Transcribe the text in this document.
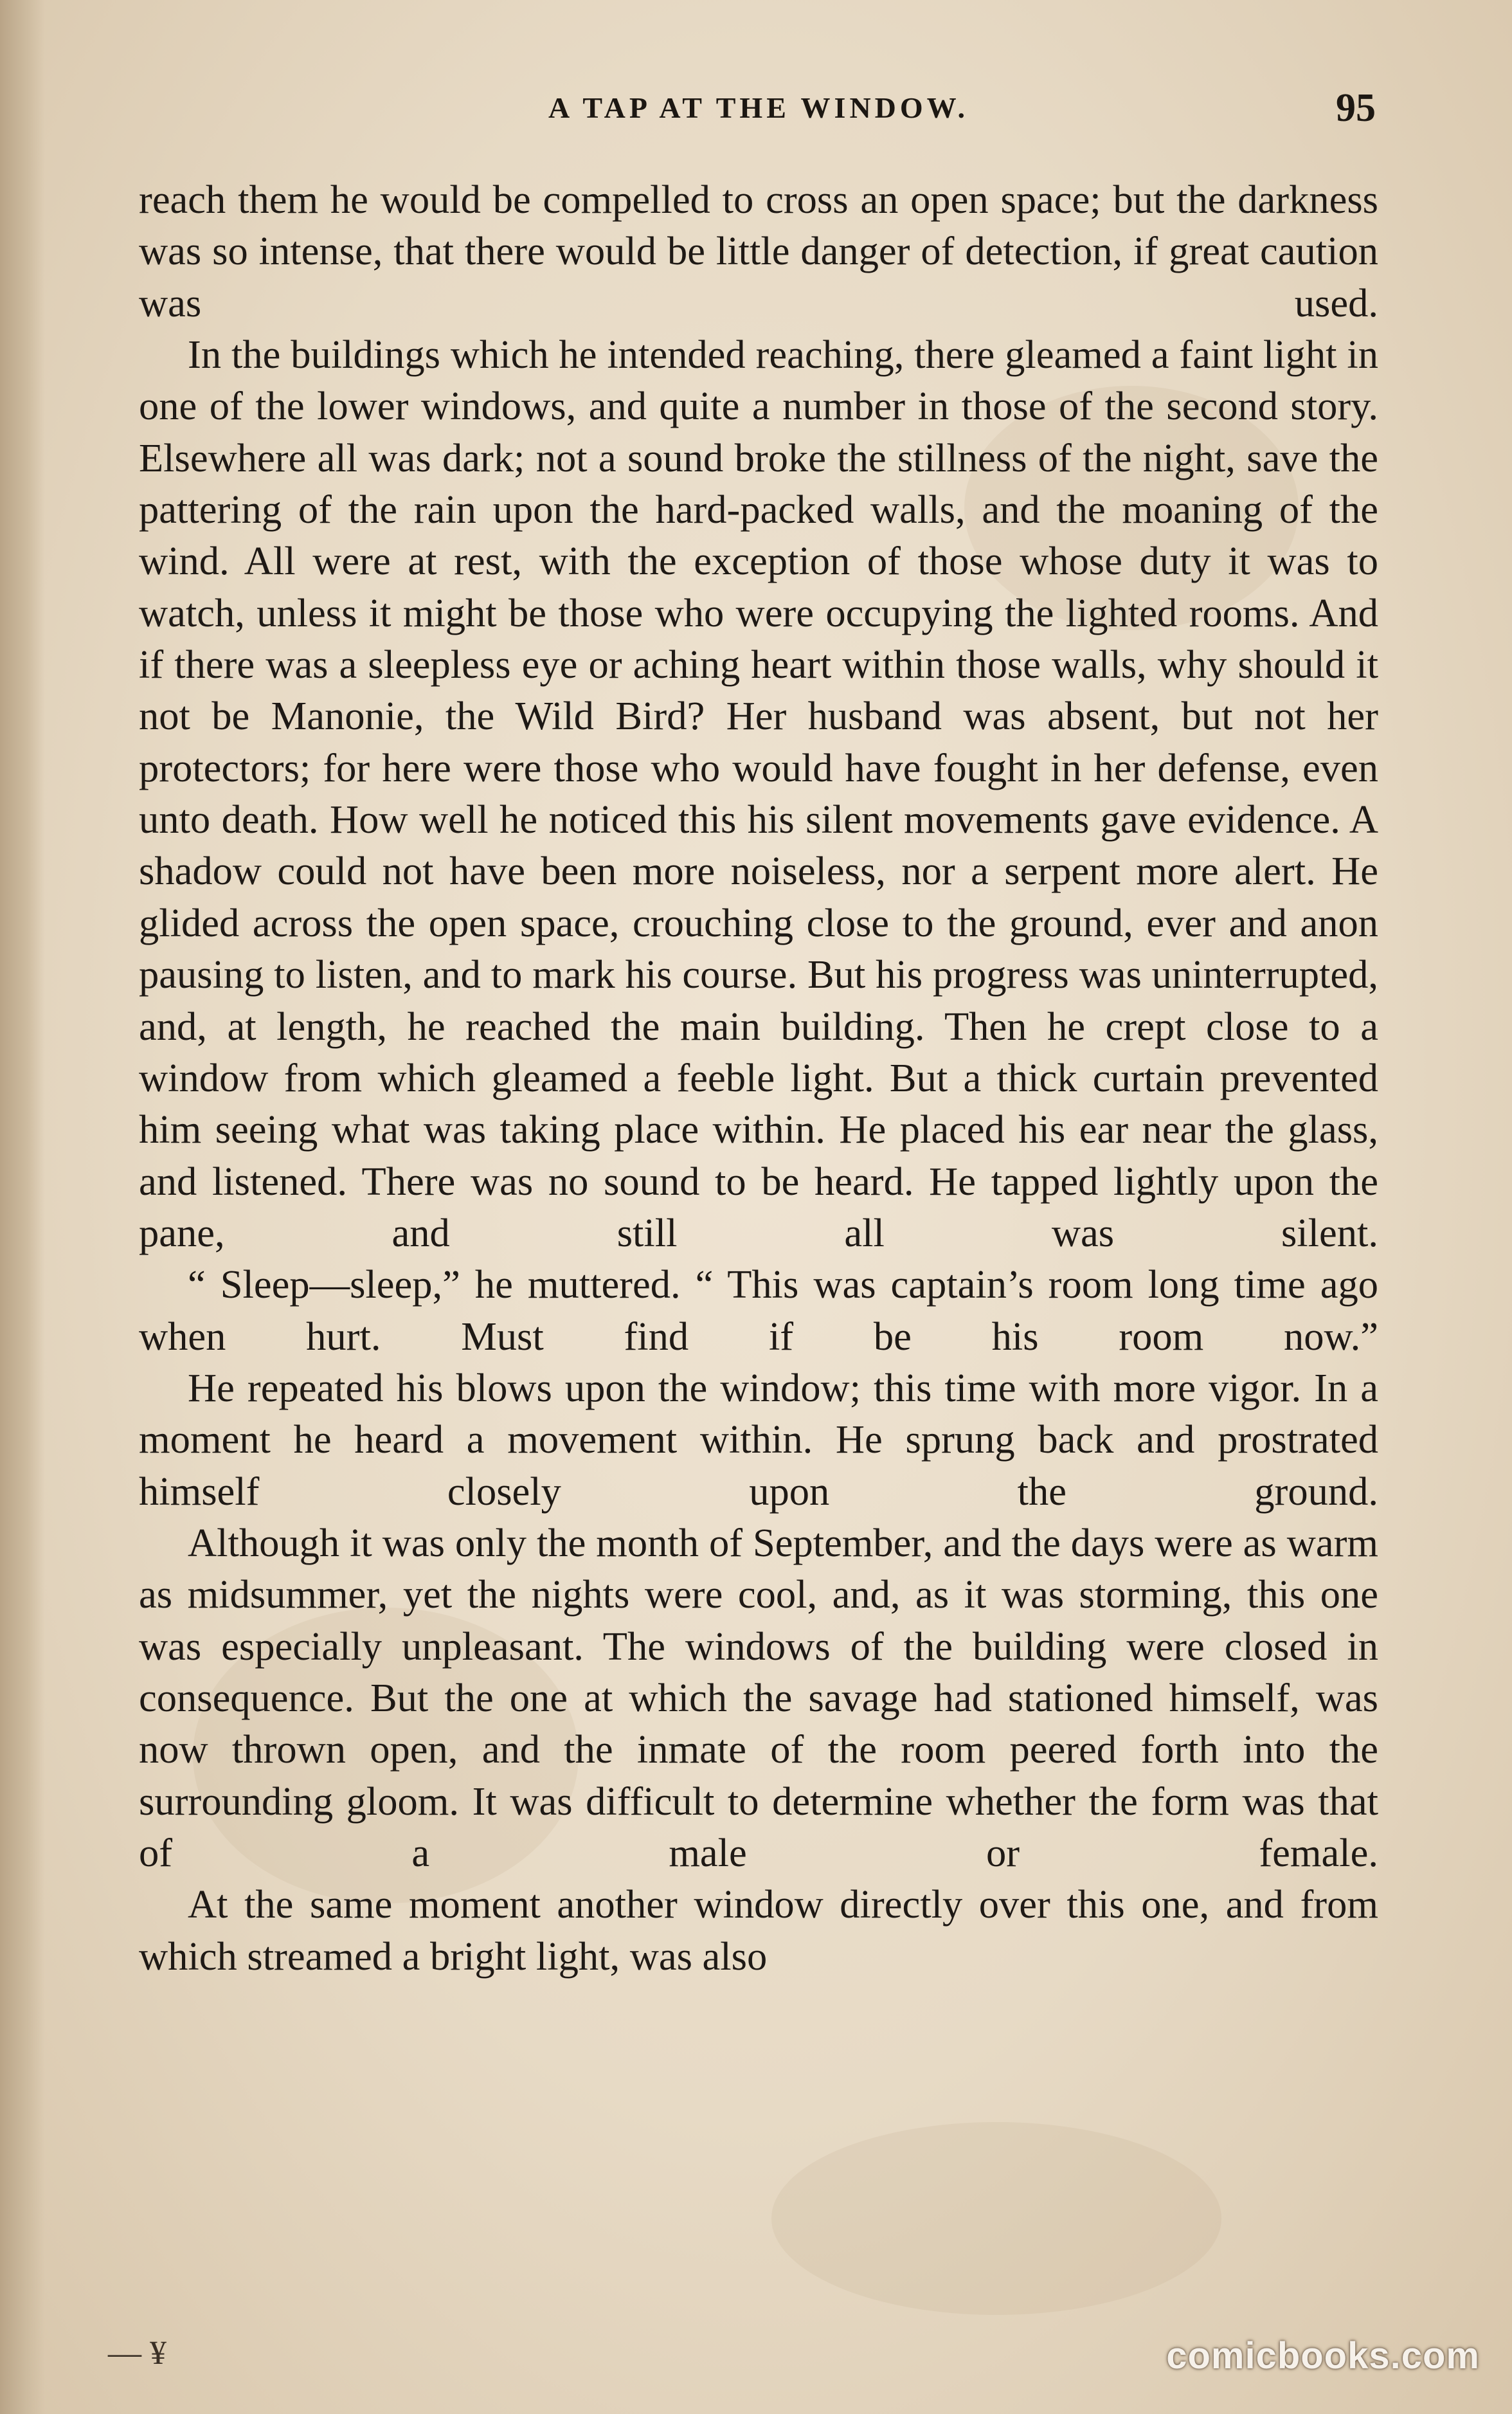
A TAP AT THE WINDOW.	95

reach them he would be compelled to cross an open space; but the darkness was so intense, that there would be little danger of detection, if great caution was used.

In the buildings which he intended reaching, there gleamed a faint light in one of the lower windows, and quite a number in those of the second story. Elsewhere all was dark; not a sound broke the stillness of the night, save the pattering of the rain upon the hard-packed walls, and the moaning of the wind. All were at rest, with the exception of those whose duty it was to watch, unless it might be those who were occupying the lighted rooms. And if there was a sleepless eye or aching heart within those walls, why should it not be Manonie, the Wild Bird? Her husband was absent, but not her protectors; for here were those who would have fought in her defense, even unto death. How well he noticed this his silent movements gave evidence. A shadow could not have been more noiseless, nor a serpent more alert. He glided across the open space, crouching close to the ground, ever and anon pausing to listen, and to mark his course. But his progress was uninterrupted, and, at length, he reached the main building. Then he crept close to a window from which gleamed a feeble light. But a thick curtain prevented him seeing what was taking place within. He placed his ear near the glass, and listened. There was no sound to be heard. He tapped lightly upon the pane, and still all was silent.

“ Sleep—sleep,” he muttered. “ This was captain’s room long time ago when hurt. Must find if be his room now.”

He repeated his blows upon the window; this time with more vigor. In a moment he heard a movement within. He sprung back and prostrated himself closely upon the ground.

Although it was only the month of September, and the days were as warm as midsummer, yet the nights were cool, and, as it was storming, this one was especially unpleasant. The windows of the building were closed in consequence. But the one at which the savage had stationed himself, was now thrown open, and the inmate of the room peered forth into the surrounding gloom. It was difficult to determine whether the form was that of a male or female.

At the same moment another window directly over this one, and from which streamed a bright light, was also

— ¥	comicbooks.com
